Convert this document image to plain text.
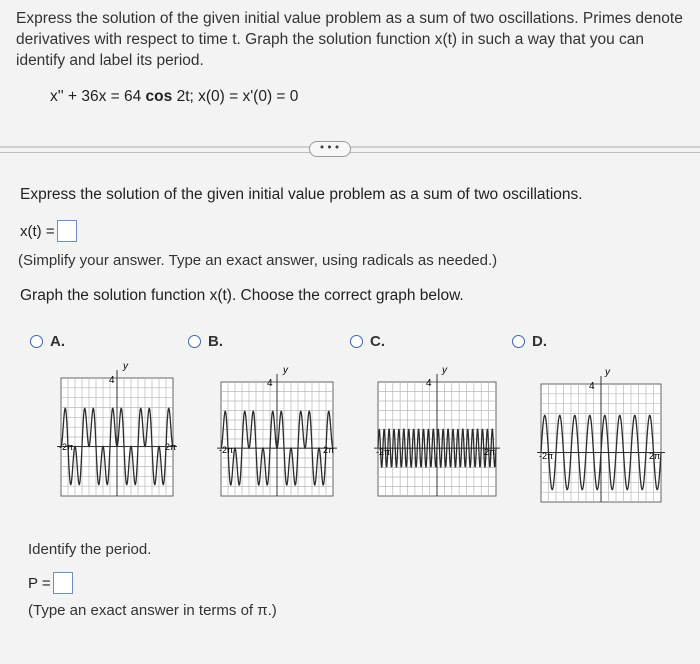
Express the solution of the given initial value problem as a sum of two oscillations. Primes denote derivatives with respect to time t. Graph the solution function x(t) in such a way that you can identify and label its period.
x'' + 36x = 64 cos 2t; x(0) = x'(0) = 0
•••
Express the solution of the given initial value problem as a sum of two oscillations.
x(t) =
(Simplify your answer. Type an exact answer, using radicals as needed.)
Graph the solution function x(t). Choose the correct graph below.
A.	B.	C.	D.
y
4
-2π	2π
y
4
-2π	2π
y
4
-2π	2π
y
4
-2π	2π
Identify the period.
P =
(Type an exact answer in terms of π.)
